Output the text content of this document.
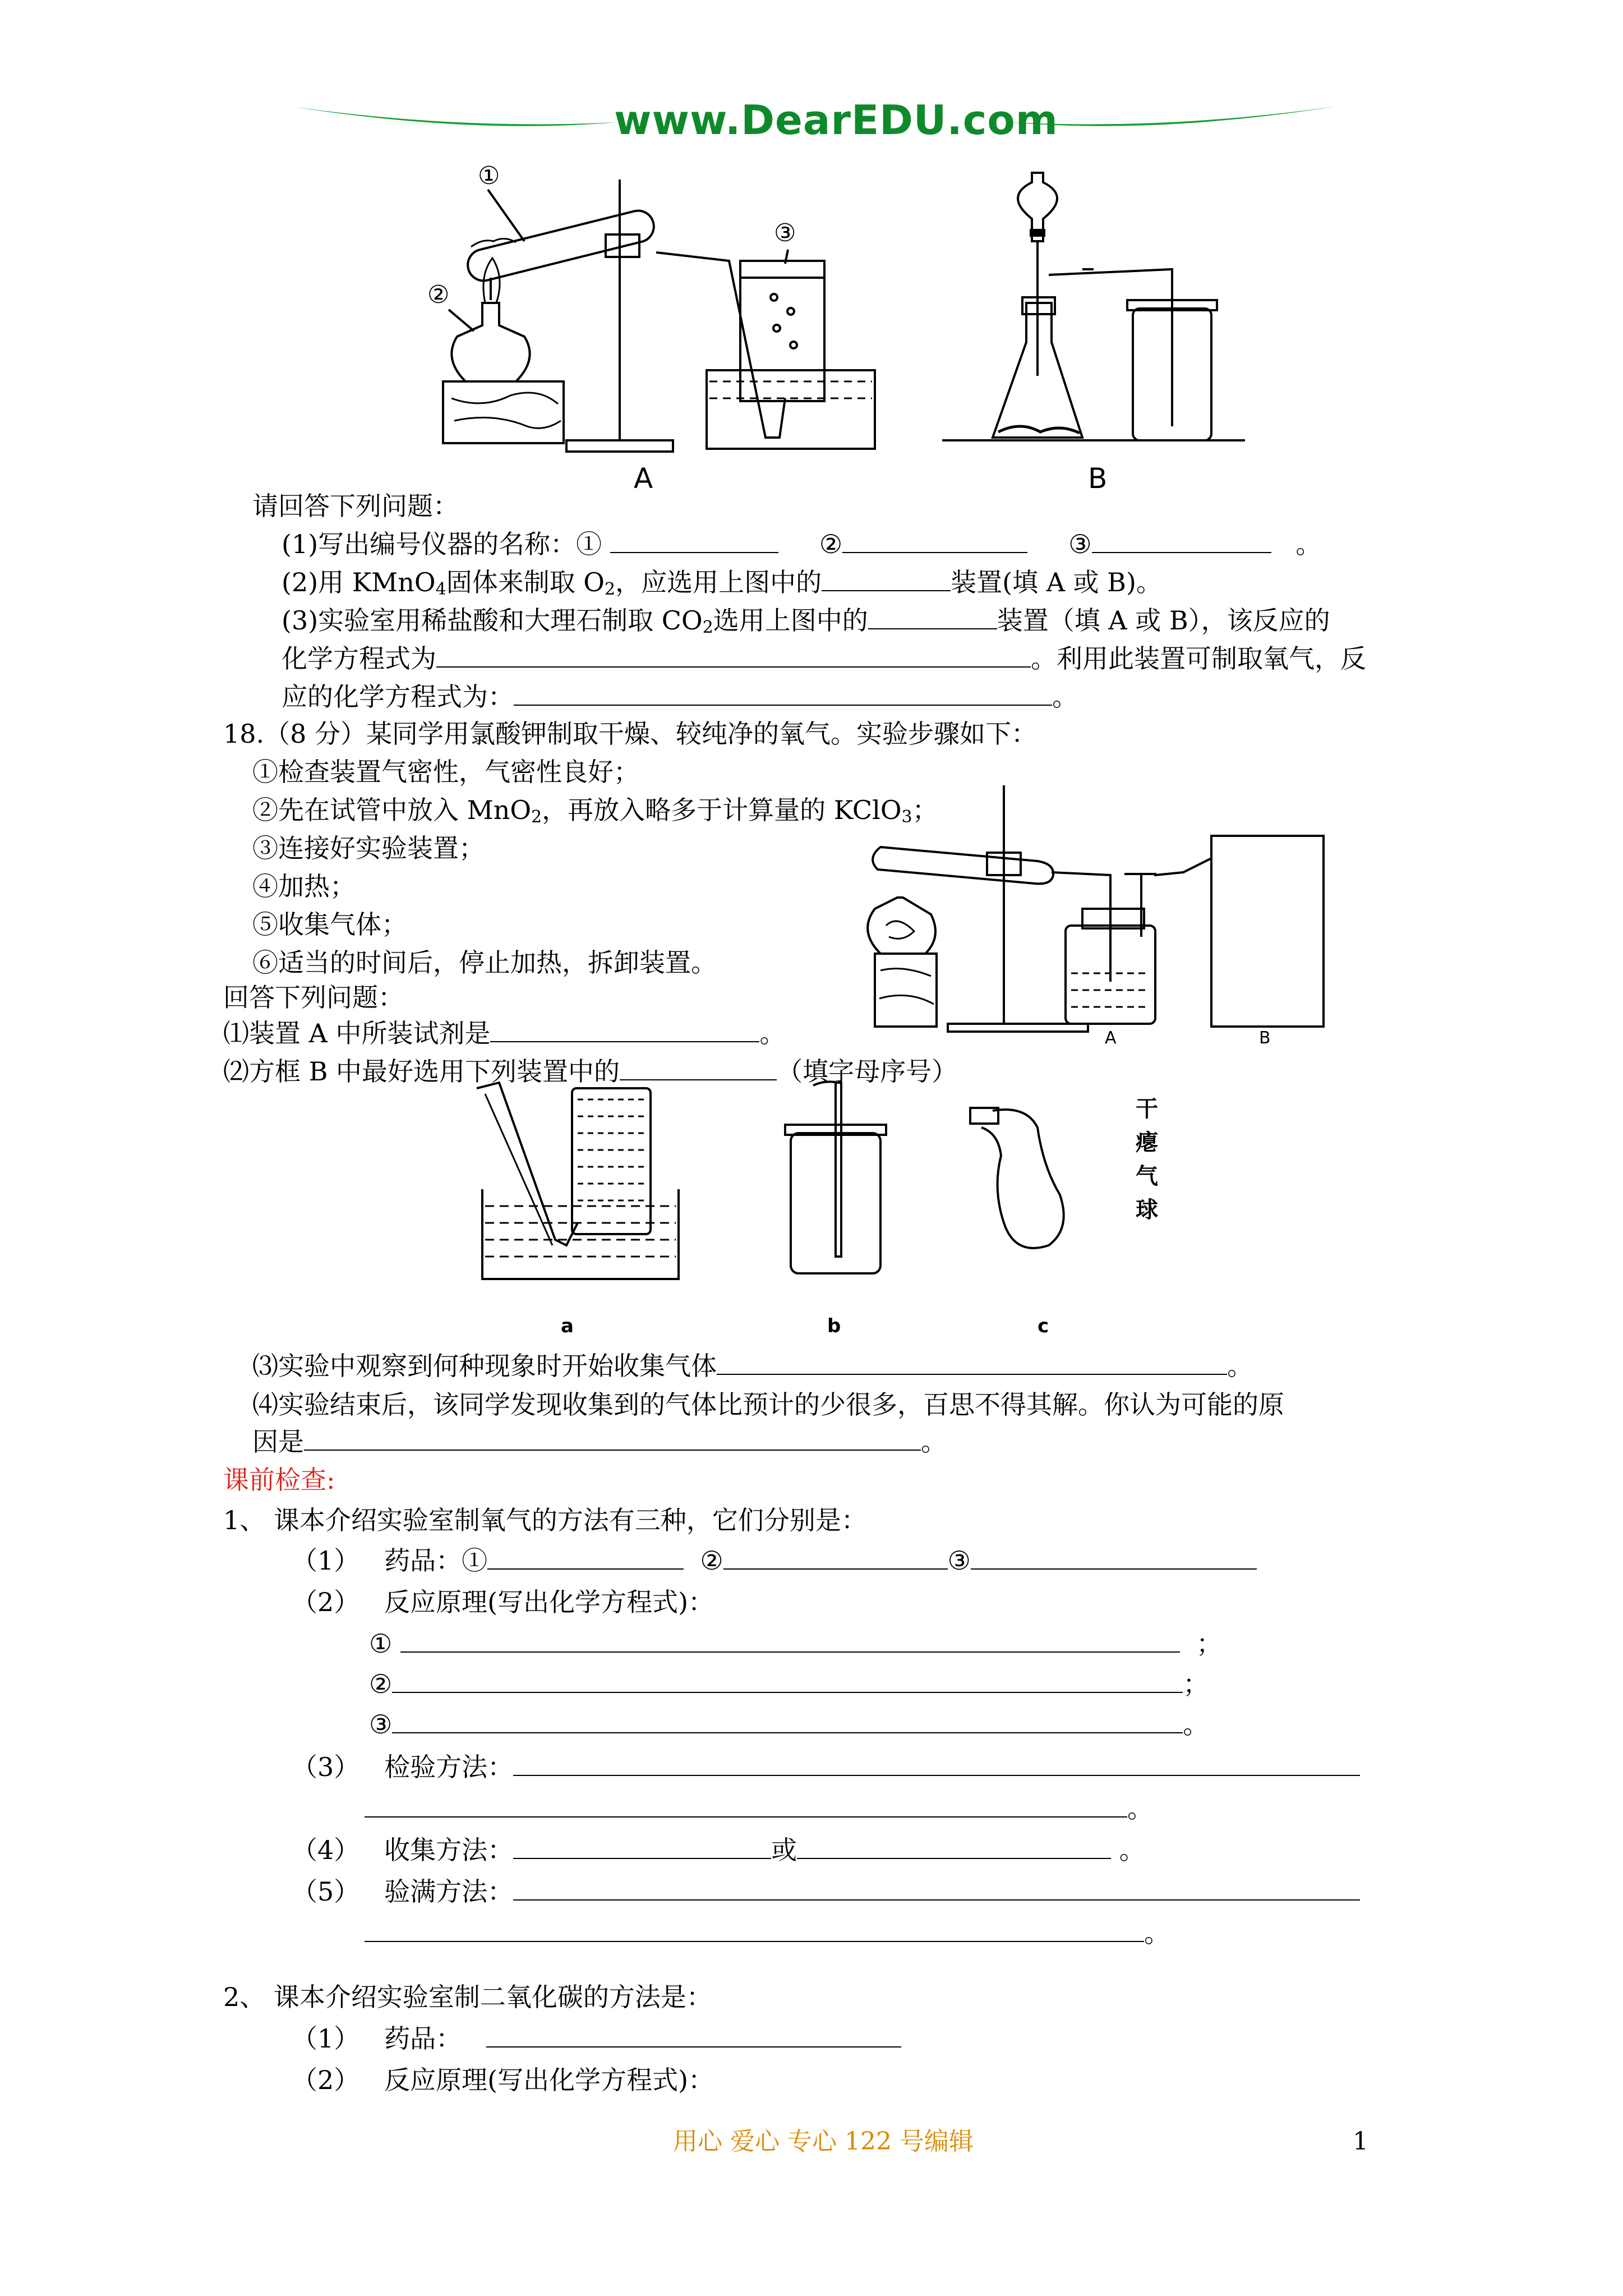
www.DearEDU.com
①
②
③
A	B
请回答下列问题：
(1)写出编号仪器的名称：①	②	③	。
(2)用 KMnO$_4$固体来制取 $O_2$，应选用上图中的	装置(填 A 或 B)。
(3)实验室用稀盐酸和大理石制取 $CO_2$选用上图中的	装置（填 A 或 B），该反应的
化学方程式为	。利用此装置可制取氧气，反
应的化学方程式为：	。
18.（8 分）某同学用氯酸钾制取干燥、较纯净的氧气。实验步骤如下：
①检查装置气密性，气密性良好；
②先在试管中放入 MnO$_2$，再放入略多于计算量的 KClO$_3$；
③连接好实验装置；
④加热；
⑤收集气体；
⑥适当的时间后，停止加热，拆卸装置。
回答下列问题：
⑴装置 A 中所装试剂是	。
⑵方框 B 中最好选用下列装置中的	（填字母序号）
A	B
a	b	c
干
瘪
气
球
⑶实验中观察到何种现象时开始收集气体	。
⑷实验结束后，该同学发现收集到的气体比预计的少很多，百思不得其解。你认为可能的原
因是	。
课前检查:
1、 课本介绍实验室制氧气的方法有三种，它们分别是：
（1） 药品：①	②	③
（2） 反应原理(写出化学方程式)：
①	；
②	；
③	。
（3） 检验方法：
。
（4） 收集方法：	或	。
（5） 验满方法：
。
2、 课本介绍实验室制二氧化碳的方法是：
（1） 药品：
（2） 反应原理(写出化学方程式)：
用心 爱心 专心 122 号编辑	1
